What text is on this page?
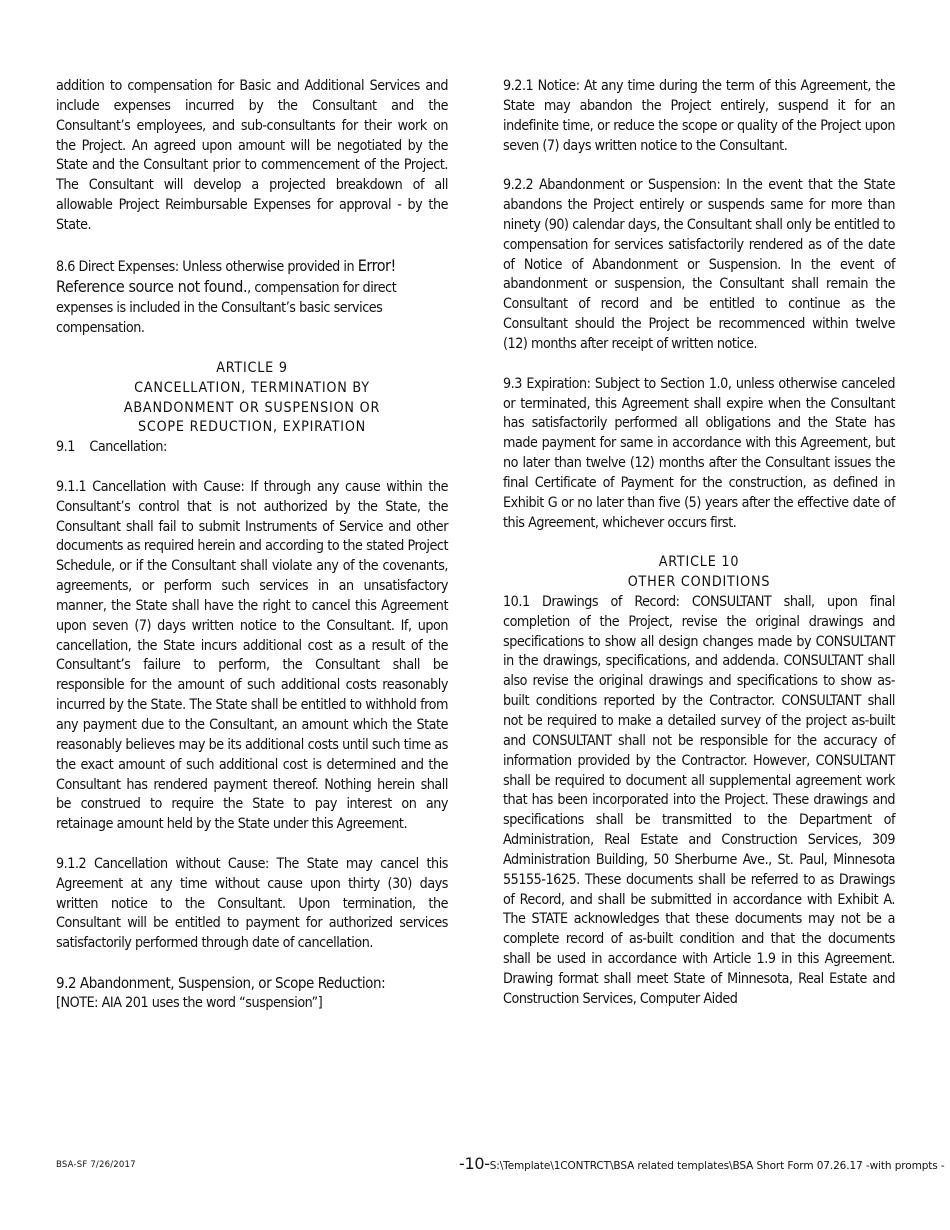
addition to compensation for Basic and Additional Services and include expenses incurred by the Consultant and the Consultant’s employees, and sub-consultants for their work on the Project. An agreed upon amount will be negotiated by the State and the Consultant prior to commencement of the Project. The Consultant will develop a projected breakdown of all allowable Project Reimbursable Expenses for approval - by the State.

8.6 Direct Expenses: Unless otherwise provided in Error! Reference source not found., compensation for direct expenses is included in the Consultant’s basic services compensation.

ARTICLE 9

CANCELLATION, TERMINATION BY

ABANDONMENT OR SUSPENSION OR

SCOPE REDUCTION, EXPIRATION

9.1    Cancellation:

9.1.1 Cancellation with Cause: If through any cause within the Consultant’s control that is not authorized by the State, the Consultant shall fail to submit Instruments of Service and other documents as required herein and according to the stated Project Schedule, or if the Consultant shall violate any of the covenants, agreements, or perform such services in an unsatisfactory manner, the State shall have the right to cancel this Agreement upon seven (7) days written notice to the Consultant. If, upon cancellation, the State incurs additional cost as a result of the Consultant’s failure to perform, the Consultant shall be responsible for the amount of such additional costs reasonably incurred by the State. The State shall be entitled to withhold from any payment due to the Consultant, an amount which the State reasonably believes may be its additional costs until such time as the exact amount of such additional cost is determined and the Consultant has rendered payment thereof. Nothing herein shall be construed to require the State to pay interest on any retainage amount held by the State under this Agreement.

9.1.2 Cancellation without Cause: The State may cancel this Agreement at any time without cause upon thirty (30) days written notice to the Consultant. Upon termination, the Consultant will be entitled to payment for authorized services satisfactorily performed through date of cancellation.

9.2 Abandonment, Suspension, or Scope Reduction:

[NOTE: AIA 201 uses the word “suspension”]

9.2.1 Notice: At any time during the term of this Agreement, the State may abandon the Project entirely, suspend it for an indefinite time, or reduce the scope or quality of the Project upon seven (7) days written notice to the Consultant.

9.2.2 Abandonment or Suspension: In the event that the State abandons the Project entirely or suspends same for more than ninety (90) calendar days, the Consultant shall only be entitled to compensation for services satisfactorily rendered as of the date of Notice of Abandonment or Suspension. In the event of abandonment or suspension, the Consultant shall remain the Consultant of record and be entitled to continue as the Consultant should the Project be recommenced within twelve (12) months after receipt of written notice.

9.3 Expiration: Subject to Section 1.0, unless otherwise canceled or terminated, this Agreement shall expire when the Consultant has satisfactorily performed all obligations and the State has made payment for same in accordance with this Agreement, but no later than twelve (12) months after the Consultant issues the final Certificate of Payment for the construction, as defined in Exhibit G or no later than five (5) years after the effective date of this Agreement, whichever occurs first.

ARTICLE 10

OTHER CONDITIONS

10.1 Drawings of Record: CONSULTANT shall, upon final completion of the Project, revise the original drawings and specifications to show all design changes made by CONSULTANT in the drawings, specifications, and addenda. CONSULTANT shall also revise the original drawings and specifications to show as-built conditions reported by the Contractor. CONSULTANT shall not be required to make a detailed survey of the project as-built and CONSULTANT shall not be responsible for the accuracy of information provided by the Contractor. However, CONSULTANT shall be required to document all supplemental agreement work that has been incorporated into the Project. These drawings and specifications shall be transmitted to the Department of Administration, Real Estate and Construction Services, 309 Administration Building, 50 Sherburne Ave., St. Paul, Minnesota 55155-1625. These documents shall be referred to as Drawings of Record, and shall be submitted in accordance with Exhibit A. The STATE acknowledges that these documents may not be a complete record of as-built condition and that the documents shall be used in accordance with Article 1.9 in this Agreement. Drawing format shall meet State of Minnesota, Real Estate and Construction Services, Computer Aided

BSA-SF 7/26/2017	-10-S:\Template\1CONTRCT\BSA related templates\BSA Short Form 07.26.17 -with prompts -
